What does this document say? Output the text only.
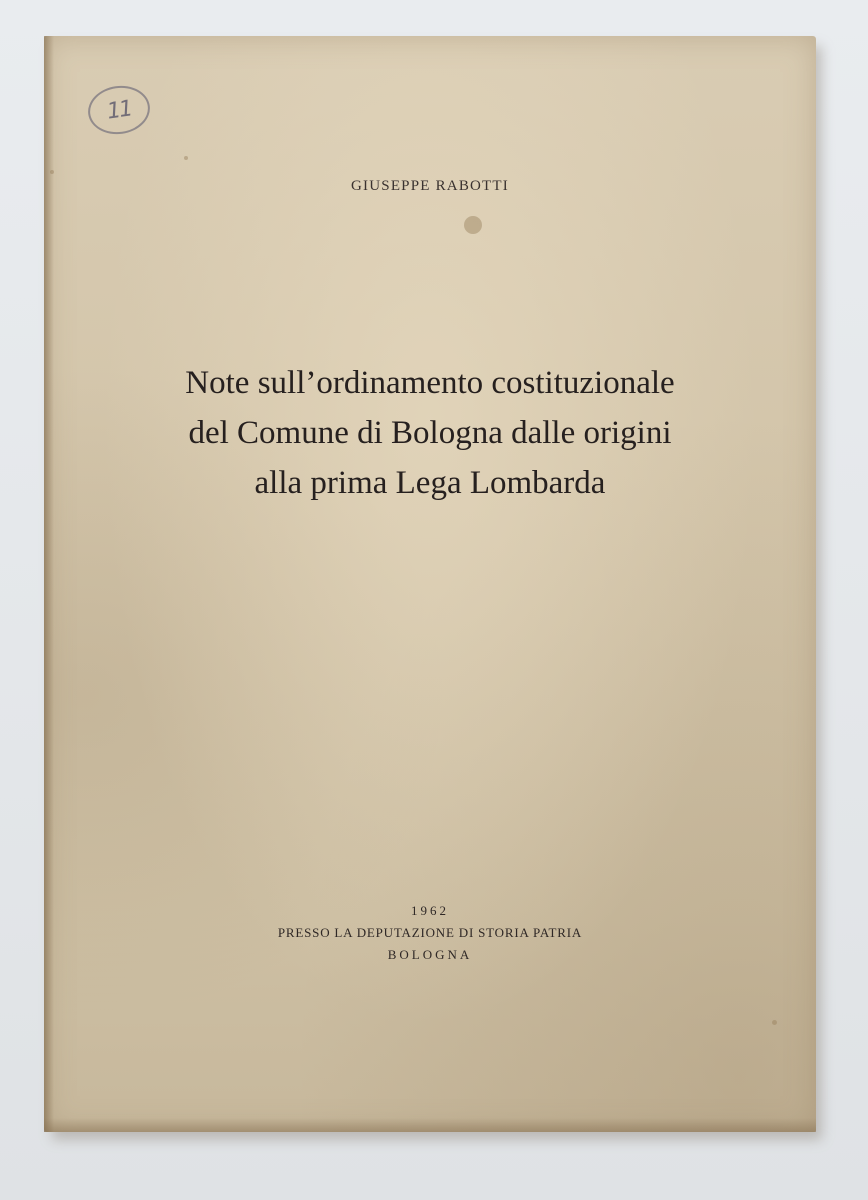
11
GIUSEPPE RABOTTI
Note sull’ordinamento costituzionale
del Comune di Bologna dalle origini
alla prima Lega Lombarda
1962
PRESSO LA DEPUTAZIONE DI STORIA PATRIA
BOLOGNA
